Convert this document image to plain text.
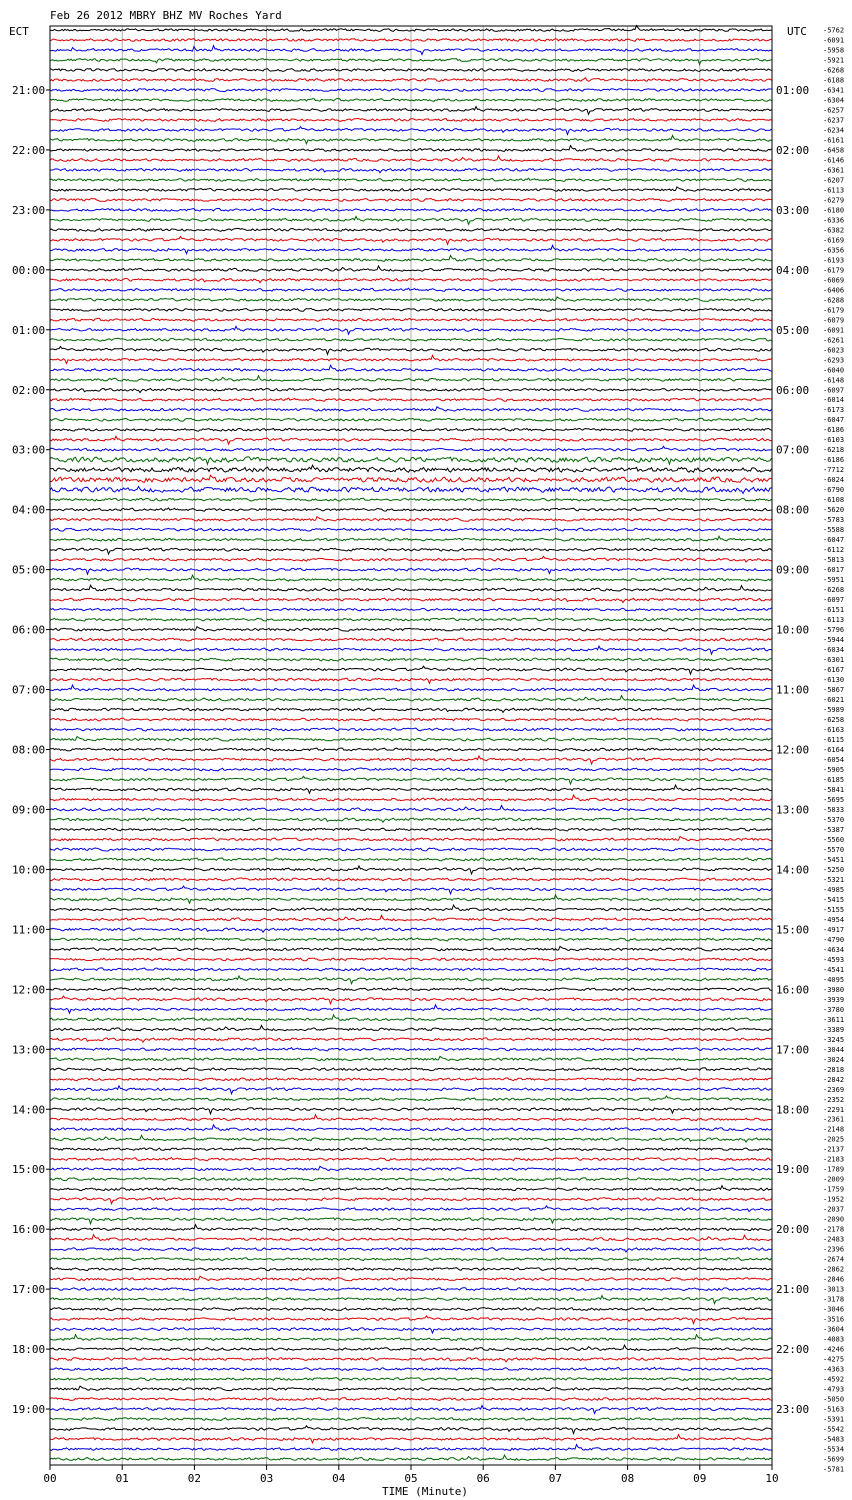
Feb 26 2012 MBRY BHZ MV Roches Yard
ECT	UTC
21:00
22:00
23:00
00:00
01:00
02:00
03:00
04:00
05:00
06:00
07:00
08:00
09:00
10:00
11:00
12:00
13:00
14:00
15:00
16:00
17:00
18:00
19:00
01:00
02:00
03:00
04:00
05:00
06:00
07:00
08:00
09:00
10:00
11:00
12:00
13:00
14:00
15:00
16:00
17:00
18:00
19:00
20:00
21:00
22:00
23:00
-5762
-6091
-5958
-5921
-6268
-6188
-6341
-6304
-6257
-6237
-6234
-6161
-6458
-6146
-6361
-6207
-6113
-6279
-6180
-6336
-6382
-6169
-6356
-6193
-6179
-6069
-6406
-6288
-6179
-6079
-6091
-6261
-6023
-6293
-6040
-6148
-6097
-6014
-6173
-6047
-6186
-6103
-6218
-6186
-7712
-6024
-6790
-6108
-5620
-5783
-5588
-6047
-6112
-5813
-6017
-5951
-6268
-6097
-6151
-6113
-5796
-5944
-6034
-6301
-6167
-6130
-5867
-6021
-5989
-6258
-6163
-6115
-6164
-6054
-5905
-6185
-5841
-5695
-5833
-5370
-5387
-5560
-5570
-5451
-5250
-5321
-4985
-5415
-5155
-4954
-4917
-4790
-4634
-4593
-4541
-4095
-3980
-3939
-3780
-3611
-3389
-3245
-3044
-3024
-2818
-2842
-2369
-2352
-2291
-2361
-2148
-2025
-2137
-2183
-1789
-2009
-1759
-1952
-2037
-2090
-2178
-2483
-2396
-2674
-2862
-2846
-3013
-3178
-3046
-3516
-3604
-4083
-4246
-4275
-4363
-4592
-4793
-5050
-5163
-5391
-5542
-5483
-5534
-5699
-5781
00	01	02	03	04	05	06	07	08	09	10
TIME (Minute)
